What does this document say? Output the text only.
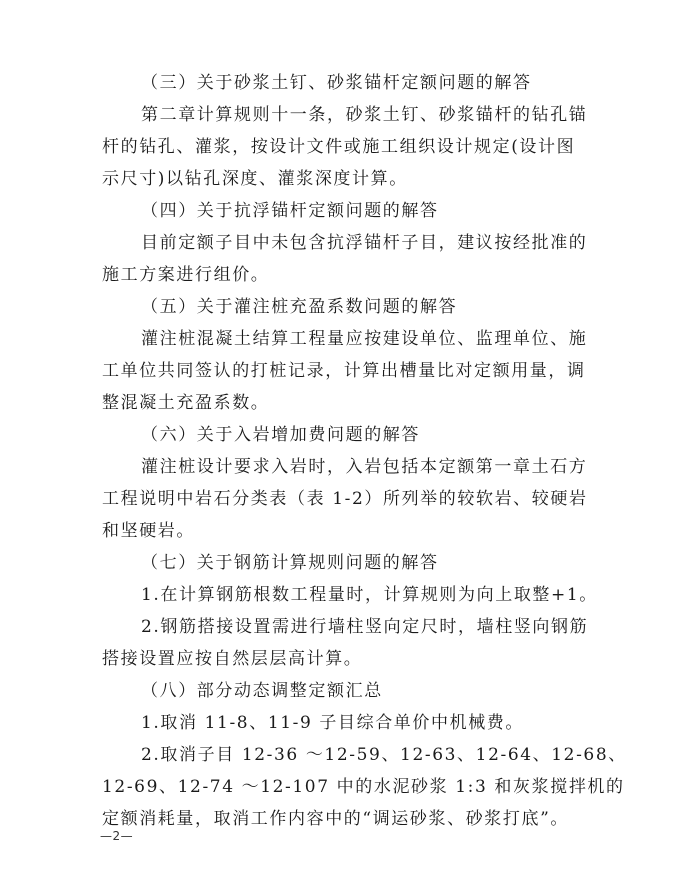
（三）关于砂浆土钉、砂浆锚杆定额问题的解答
第二章计算规则十一条，砂浆土钉、砂浆锚杆的钻孔锚
杆的钻孔、灌浆，按设计文件或施工组织设计规定(设计图
示尺寸)以钻孔深度、灌浆深度计算。
（四）关于抗浮锚杆定额问题的解答
目前定额子目中未包含抗浮锚杆子目，建议按经批准的
施工方案进行组价。
（五）关于灌注桩充盈系数问题的解答
灌注桩混凝土结算工程量应按建设单位、监理单位、施
工单位共同签认的打桩记录，计算出槽量比对定额用量，调
整混凝土充盈系数。
（六）关于入岩增加费问题的解答
灌注桩设计要求入岩时，入岩包括本定额第一章土石方
工程说明中岩石分类表（表 1-2）所列举的较软岩、较硬岩
和坚硬岩。
（七）关于钢筋计算规则问题的解答
1.在计算钢筋根数工程量时，计算规则为向上取整+1。
2.钢筋搭接设置需进行墙柱竖向定尺时，墙柱竖向钢筋
搭接设置应按自然层层高计算。
（八）部分动态调整定额汇总
1.取消 11-8、11-9 子目综合单价中机械费。
2.取消子目 12-36 ～12-59、12-63、12-64、12-68、
12-69、12-74 ～12-107 中的水泥砂浆 1:3 和灰浆搅拌机的
定额消耗量，取消工作内容中的“调运砂浆、砂浆打底”。
—2—
